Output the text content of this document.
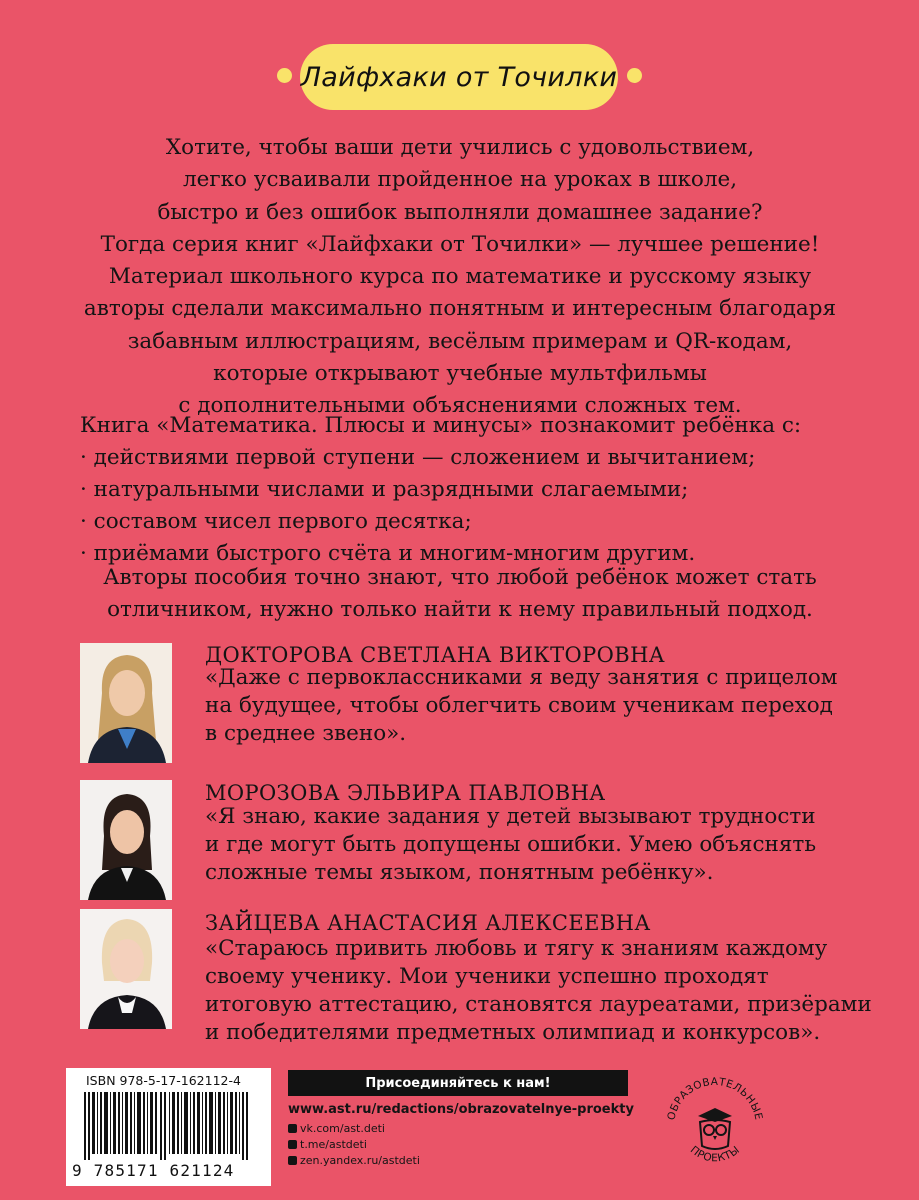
Лайфхаки от Точилки

Хотите, чтобы ваши дети учились с удовольствием,

легко усваивали пройденное на уроках в школе,

быстро и без ошибок выполняли домашнее задание?

Тогда серия книг «Лайфхаки от Точилки» — лучшее решение!

Материал школьного курса по математике и русскому языку

авторы сделали максимально понятным и интересным благодаря

забавным иллюстрациям, весёлым примерам и QR-кодам,

которые открывают учебные мультфильмы

с дополнительными объяснениями сложных тем.

Книга «Математика. Плюсы и минусы» познакомит ребёнка с:

· действиями первой ступени — сложением и вычитанием;

· натуральными числами и разрядными слагаемыми;

· составом чисел первого десятка;

· приёмами быстрого счёта и многим-многим другим.

Авторы пособия точно знают, что любой ребёнок может стать

отличником, нужно только найти к нему правильный подход.

ДОКТОРОВА СВЕТЛАНА ВИКТОРОВНА

«Даже с первоклассниками я веду занятия с прицелом

на будущее, чтобы облегчить своим ученикам переход

в среднее звено».

МОРОЗОВА ЭЛЬВИРА ПАВЛОВНА

«Я знаю, какие задания у детей вызывают трудности

и где могут быть допущены ошибки. Умею объяснять

сложные темы языком, понятным ребёнку».

ЗАЙЦЕВА АНАСТАСИЯ АЛЕКСЕЕВНА

«Стараюсь привить любовь и тягу к знаниям каждому

своему ученику. Мои ученики успешно проходят

итоговую аттестацию, становятся лауреатами, призёрами

и победителями предметных олимпиад и конкурсов».

ISBN 978-5-17-162112-4
9 785171 621124
Присоединяйтесь к нам!
www.ast.ru/redactions/obrazovatelnye-proekty
vk.com/ast.deti
t.me/astdeti
zen.yandex.ru/astdeti
ОБРАЗОВАТЕЛЬНЫЕ
ПРОЕКТЫ
